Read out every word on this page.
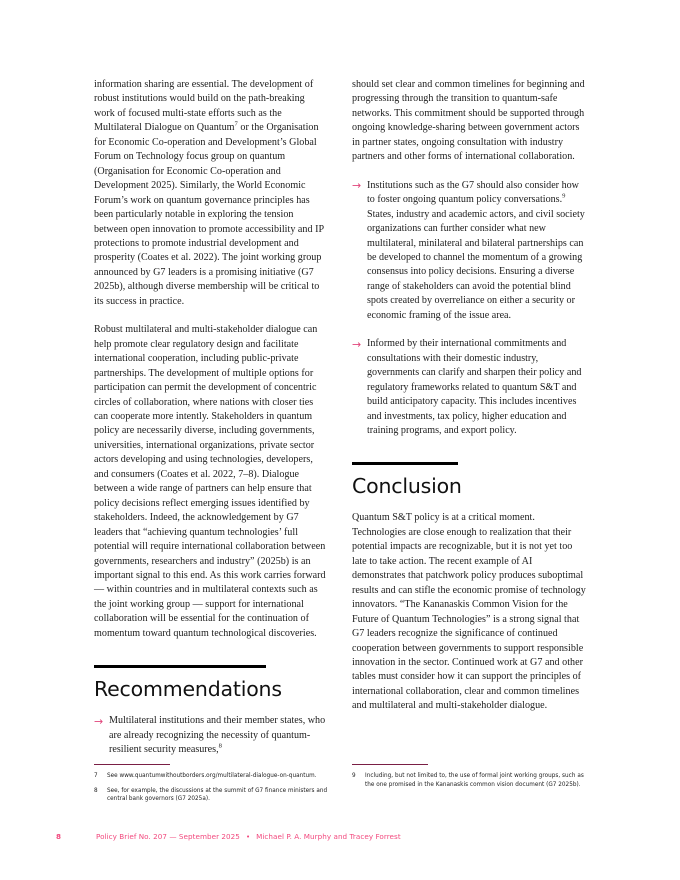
information sharing are essential. The development of robust institutions would build on the path-breaking work of focused multi-state efforts such as the Multilateral Dialogue on Quantum$^7$ or the Organisation for Economic Co-operation and Development’s Global Forum on Technology focus group on quantum (Organisation for Economic Co-operation and Development 2025). Similarly, the World Economic Forum’s work on quantum governance principles has been particularly notable in exploring the tension between open innovation to promote accessibility and IP protections to promote industrial development and prosperity (Coates et al. 2022). The joint working group announced by G7 leaders is a promising initiative (G7 2025b), although diverse membership will be critical to its success in practice.

Robust multilateral and multi-stakeholder dialogue can help promote clear regulatory design and facilitate international cooperation, including public-private partnerships. The development of multiple options for participation can permit the development of concentric circles of collaboration, where nations with closer ties can cooperate more intently. Stakeholders in quantum policy are necessarily diverse, including governments, universities, international organizations, private sector actors developing and using technologies, developers, and consumers (Coates et al. 2022, 7–8). Dialogue between a wide range of partners can help ensure that policy decisions reflect emerging issues identified by stakeholders. Indeed, the acknowledgement by G7 leaders that “achieving quantum technologies’ full potential will require international collaboration between governments, researchers and industry” (2025b) is an important signal to this end. As this work carries forward — within countries and in multilateral contexts such as the joint working group — support for international collaboration will be essential for the continuation of momentum toward quantum technological discoveries.

Recommendations
→ Multilateral institutions and their member states, who are already recognizing the necessity of quantum-resilient security measures,$^8$

should set clear and common timelines for beginning and progressing through the transition to quantum-safe networks. This commitment should be supported through ongoing knowledge-sharing between government actors in partner states, ongoing consultation with industry partners and other forms of international collaboration.

→ Institutions such as the G7 should also consider how to foster ongoing quantum policy conversations.$^9$ States, industry and academic actors, and civil society organizations can further consider what new multilateral, minilateral and bilateral partnerships can be developed to channel the momentum of a growing consensus into policy decisions. Ensuring a diverse range of stakeholders can avoid the potential blind spots created by overreliance on either a security or economic framing of the issue area.
→ Informed by their international commitments and consultations with their domestic industry, governments can clarify and sharpen their policy and regulatory frameworks related to quantum S&T and build anticipatory capacity. This includes incentives and investments, tax policy, higher education and training programs, and export policy.
Conclusion

Quantum S&T policy is at a critical moment. Technologies are close enough to realization that their potential impacts are recognizable, but it is not yet too late to take action. The recent example of AI demonstrates that patchwork policy produces suboptimal results and can stifle the economic promise of technology innovators. “The Kananaskis Common Vision for the Future of Quantum Technologies” is a strong signal that G7 leaders recognize the significance of continued cooperation between governments to support responsible innovation in the sector. Continued work at G7 and other tables must consider how it can support the principles of international collaboration, clear and common timelines and multilateral and multi-stakeholder dialogue.

7	See www.quantumwithoutborders.org/multilateral-dialogue-on-quantum.
8	See, for example, the discussions at the summit of G7 finance ministers and central bank governors (G7 2025a).
9	Including, but not limited to, the use of formal joint working groups, such as the one promised in the Kananaskis common vision document (G7 2025b).
8	Policy Brief No. 207 — September 2025 • Michael P. A. Murphy and Tracey Forrest
